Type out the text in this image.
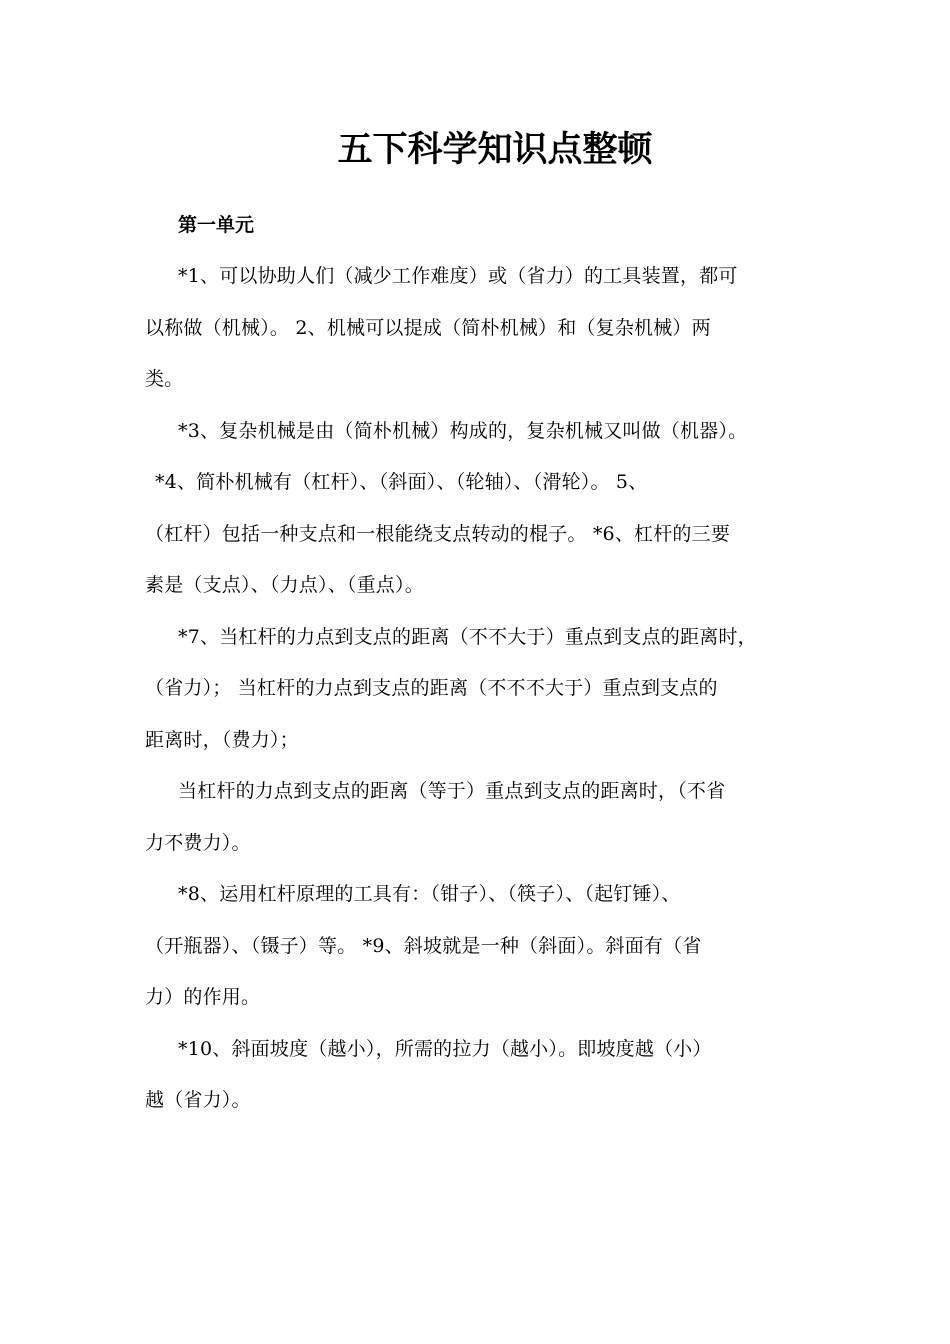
五下科学知识点整顿
第一单元
*1、可以协助人们（减少工作难度）或（省力）的工具装置，都可
以称做（机械）。 2、机械可以提成（简朴机械）和（复杂机械）两
类。
*3、复杂机械是由（简朴机械）构成的，复杂机械又叫做（机器）。
*4、简朴机械有（杠杆）、（斜面）、（轮轴）、（滑轮）。 5、
（杠杆）包括一种支点和一根能绕支点转动的棍子。 *6、杠杆的三要
素是（支点）、（力点）、（重点）。
*7、当杠杆的力点到支点的距离（不不大于）重点到支点的距离时，
（省力）； 当杠杆的力点到支点的距离（不不不大于）重点到支点的
距离时，（费力）；
当杠杆的力点到支点的距离（等于）重点到支点的距离时，（不省
力不费力）。
*8、运用杠杆原理的工具有：（钳子）、（筷子）、（起钉锤）、
（开瓶器）、（镊子）等。 *9、斜坡就是一种（斜面）。斜面有（省
力）的作用。
*10、斜面坡度（越小），所需的拉力（越小）。即坡度越（小）
越（省力）。
